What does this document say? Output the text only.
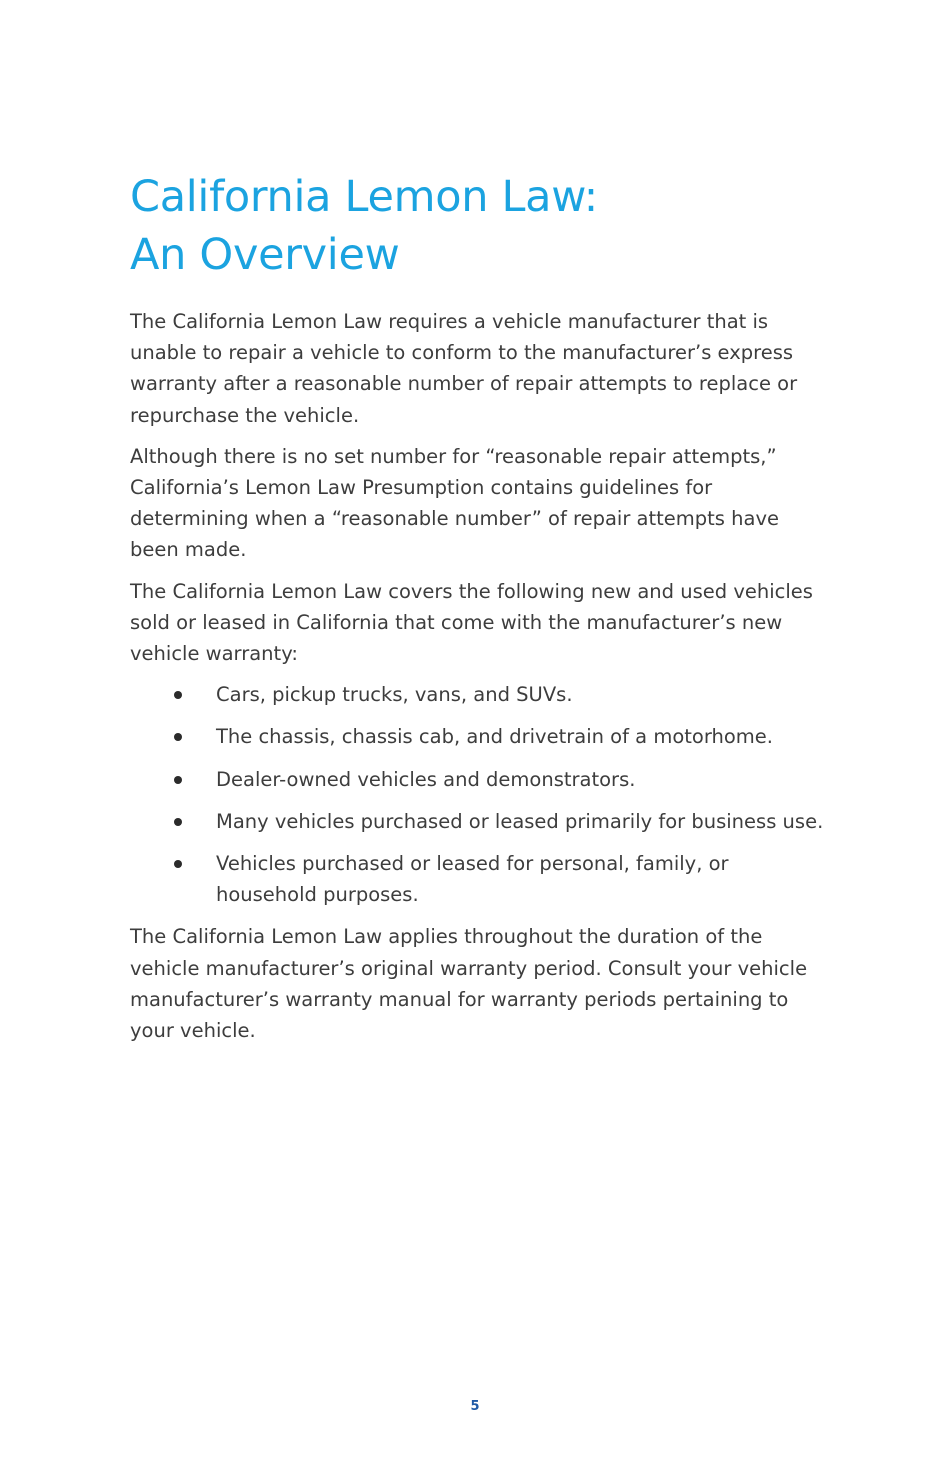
California Lemon Law:
An Overview

The California Lemon Law requires a vehicle manufacturer that is unable to repair a vehicle to conform to the manufacturer’s express warranty after a reasonable number of repair attempts to replace or repurchase the vehicle.

Although there is no set number for “reasonable repair attempts,” California’s Lemon Law Presumption contains guidelines for determining when a “reasonable number” of repair attempts have been made.

The California Lemon Law covers the following new and used vehicles sold or leased in California that come with the manufacturer’s new vehicle warranty:

Cars, pickup trucks, vans, and SUVs.
The chassis, chassis cab, and drivetrain of a motorhome.
Dealer-owned vehicles and demonstrators.
Many vehicles purchased or leased primarily for business use.
Vehicles purchased or leased for personal, family, or household purposes.

The California Lemon Law applies throughout the duration of the vehicle manufacturer’s original warranty period. Consult your vehicle manufacturer’s warranty manual for warranty periods pertaining to your vehicle.

5
